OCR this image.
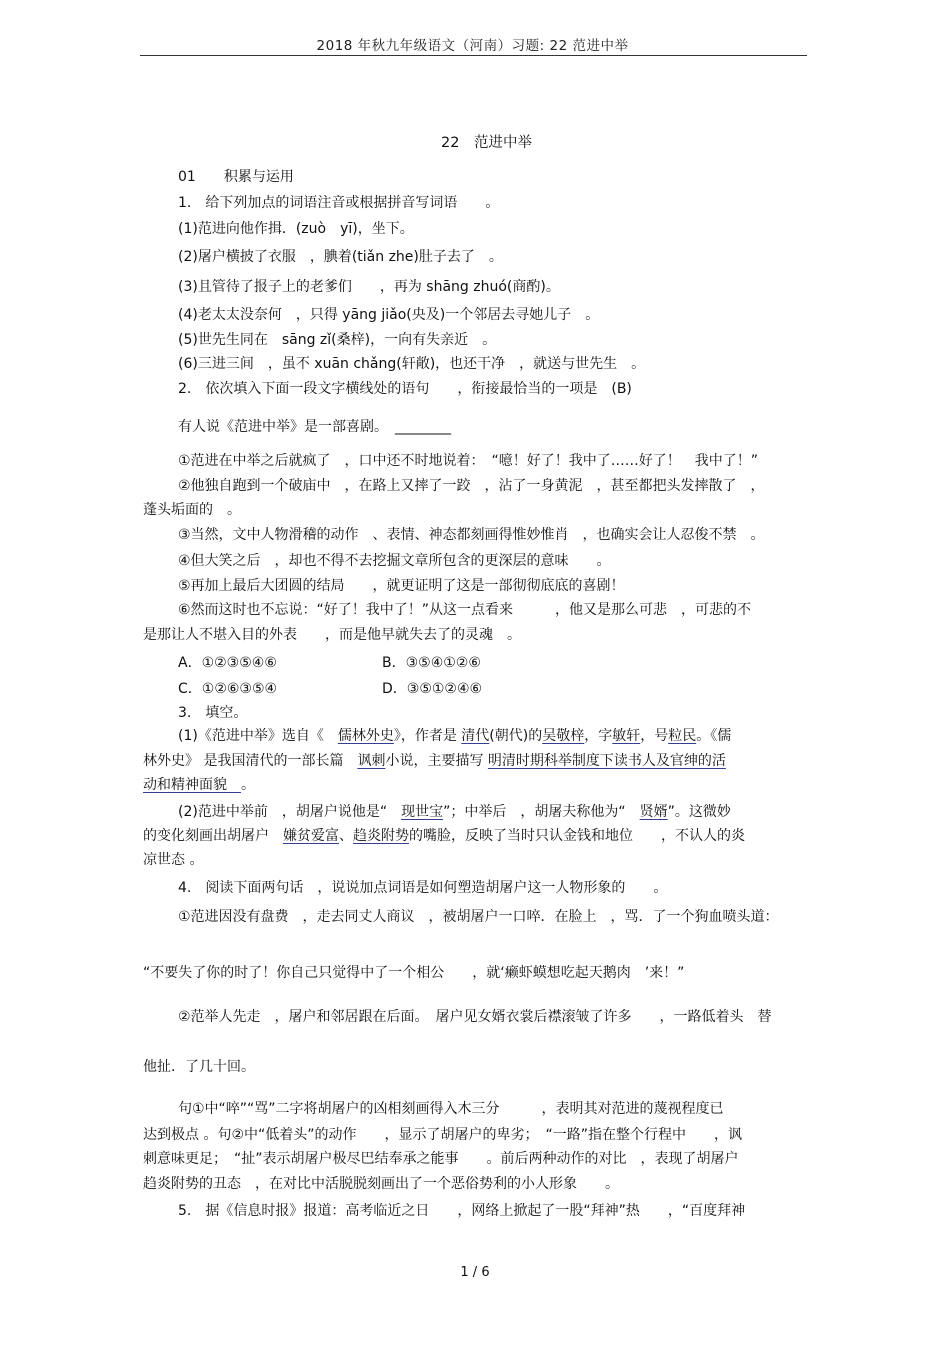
2018 年秋九年级语文（河南）习题: 22 范进中举
22　范进中举
01　　积累与运用
1.　给下列加点的词语注音或根据拼音写词语　　。
(1)范进向他作揖．(zuò　yī)，坐下。
(2)屠户横披了衣服　，腆着(tiǎn zhe)肚子去了　。
(3)且管待了报子上的老爹们　　，再为 shāng zhuó(商酌)。
(4)老太太没奈何　，只得 yāng jiǎo(央及)一个邻居去寻她儿子　。
(5)世先生同在　sāng zǐ(桑梓)，一向有失亲近　。
(6)三进三间　，虽不 xuān chǎng(轩敞)，也还干净　，就送与世先生　。
2.　依次填入下面一段文字横线处的语句　　，衔接最恰当的一项是　(B)
有人说《范进中举》是一部喜剧。　________
①范进在中举之后就疯了　，口中还不时地说着：　“噫！好了！我中了……好了！　我中了！”
②他独自跑到一个破庙中　，在路上又摔了一跤　，沾了一身黄泥　，甚至都把头发摔散了　，
蓬头垢面的　。
③当然，文中人物滑稽的动作　、表情、神态都刻画得惟妙惟肖　，也确实会让人忍俊不禁　。
④但大笑之后　，却也不得不去挖掘文章所包含的更深层的意味　　。
⑤再加上最后大团圆的结局　　，就更证明了这是一部彻彻底底的喜剧！
⑥然而这时也不忘说：“好了！我中了！”从这一点看来　　　，他又是那么可悲　，可悲的不
是那让人不堪入目的外表　　，而是他早就失去了的灵魂　。
A．①②③⑤④⑥	B．③⑤④①②⑥
C．①②⑥③⑤④	D．③⑤①②④⑥
3.　填空。
(1)《范进中举》选自《　儒林外史》，作者是 清代(朝代)的吴敬梓，字敏轩，号粒民。《儒
林外史》 是我国清代的一部长篇　讽刺小说，主要描写 明清时期科举制度下读书人及官绅的活
动和精神面貌　。
(2)范进中举前　，胡屠户说他是“　现世宝”；中举后　，胡屠夫称他为“　贤婿”。这微妙
的变化刻画出胡屠户　嫌贫爱富、趋炎附势的嘴脸，反映了当时只认金钱和地位　　，不认人的炎
凉世态 。
4.　阅读下面两句话　，说说加点词语是如何塑造胡屠户这一人物形象的　　。
①范进因没有盘费　，走去同丈人商议　，被胡屠户一口啐．在脸上　，骂．了一个狗血喷头道：
“不要失了你的时了！你自己只觉得中了一个相公　　，就‘癞虾蟆想吃起天鹅肉　’来！”
②范举人先走　，屠户和邻居跟在后面。　屠户见女婿衣裳后襟滚皱了许多　　，一路低着头　替
他扯．了几十回。
句①中“啐”“骂”二字将胡屠户的凶相刻画得入木三分　　　，表明其对范进的蔑视程度已
达到极点 。句②中“低着头”的动作　　，显示了胡屠户的卑劣；　“一路”指在整个行程中　　，讽
刺意味更足；　“扯”表示胡屠户极尽巴结奉承之能事　　。前后两种动作的对比　，表现了胡屠户
趋炎附势的丑态　，在对比中活脱脱刻画出了一个恶俗势利的小人形象　　。
5.　据《信息时报》报道：高考临近之日　　，网络上掀起了一股“拜神”热　　，“百度拜神
1 / 6
